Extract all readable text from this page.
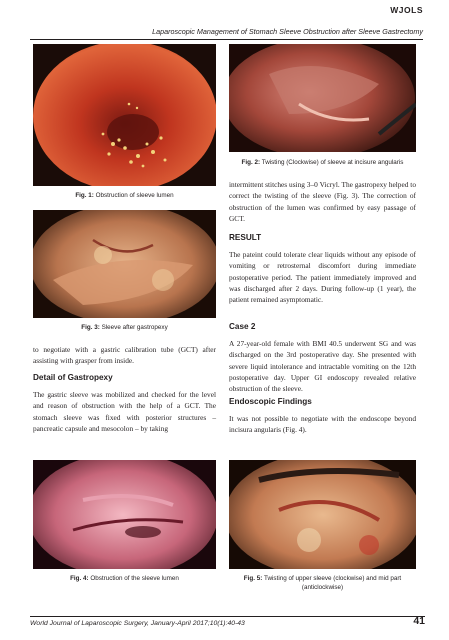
WJOLS
Laparoscopic Management of Stomach Sleeve Obstruction after Sleeve Gastrectomy
Fig. 1: Obstruction of sleeve lumen
Fig. 2: Twisting (Clockwise) of sleeve at incisure angularis
Fig. 3: Sleeve after gastropexy

to negotiate with a gastric calibration tube (GCT) after assisting with grasper from inside.

Detail of Gastropexy

The gastric sleeve was mobilized and checked for the level and reason of obstruction with the help of a GCT. The stomach sleeve was fixed with posterior structures – pancreatic capsule and mesocolon – by taking

intermittent stitches using 3–0 Vicryl. The gastropexy helped to correct the twisting of the sleeve (Fig. 3). The correction of obstruction of the lumen was confirmed by easy passage of GCT.

RESULT

The pateint could tolerate clear liquids without any episode of vomiting or retrosternal discomfort during immediate postoperative period. The patient immediately improved and was discharged after 2 days. During follow-up (1 year), the patient remained asymptomatic.

Case 2

A 27-year-old female with BMI 40.5 underwent SG and was discharged on the 3rd postoperative day. She presented with severe liquid intolerance and intractable vomiting on the 12th postoperative day. Upper GI endoscopy revealed relative obstruction of the sleeve.

Endoscopic Findings

It was not possible to negotiate with the endoscope beyond incisura angularis (Fig. 4).

Fig. 4: Obstruction of the sleeve lumen	Fig. 5: Twisting of upper sleeve (clockwise) and mid part (anticlockwise)
World Journal of Laparoscopic Surgery, January-April 2017;10(1):40-43	41
